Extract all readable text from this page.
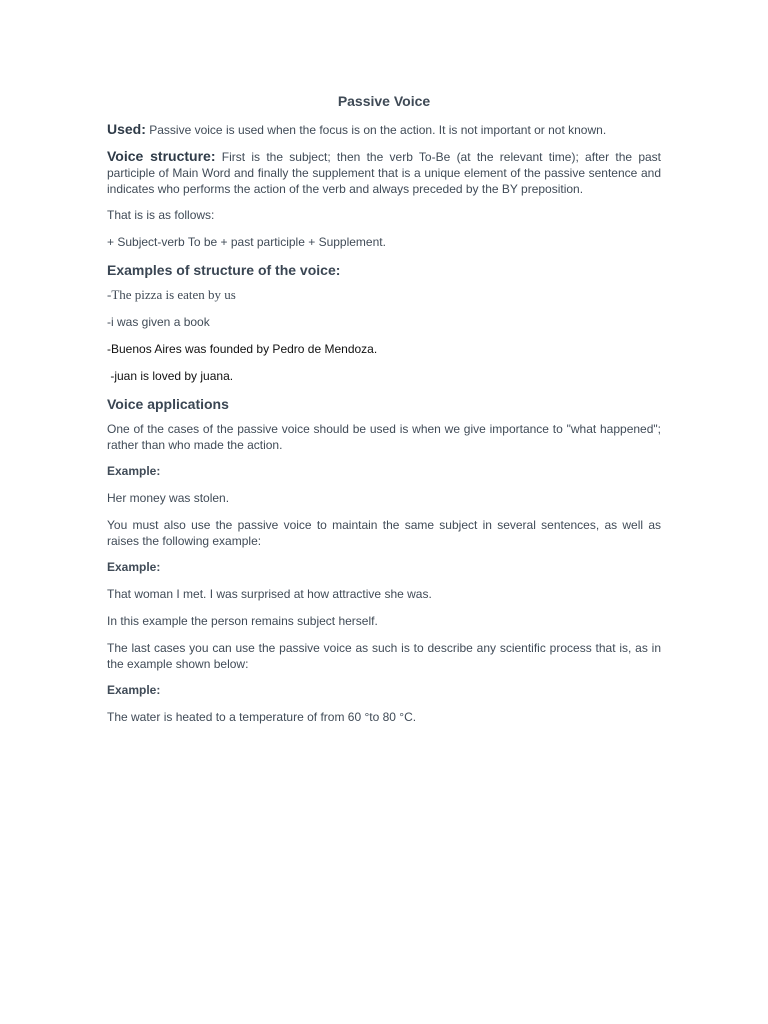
Passive Voice

Used: Passive voice is used when the focus is on the action. It is not important or not known.

Voice structure: First is the subject; then the verb To-Be (at the relevant time); after the past participle of Main Word and finally the supplement that is a unique element of the passive sentence and indicates who performs the action of the verb and always preceded by the BY preposition.

That is is as follows:

+ Subject-verb To be + past participle + Supplement.

Examples of structure of the voice:

-The pizza is eaten by us

-i was given a book

-Buenos Aires was founded by Pedro de Mendoza.

-juan is loved by juana.

Voice applications

One of the cases of the passive voice should be used is when we give importance to "what happened"; rather than who made the action.

Example:

Her money was stolen.

You must also use the passive voice to maintain the same subject in several sentences, as well as raises the following example:

Example:

That woman I met. I was surprised at how attractive she was.

In this example the person remains subject herself.

The last cases you can use the passive voice as such is to describe any scientific process that is, as in the example shown below:

Example:

The water is heated to a temperature of from 60 °to 80 °C.
